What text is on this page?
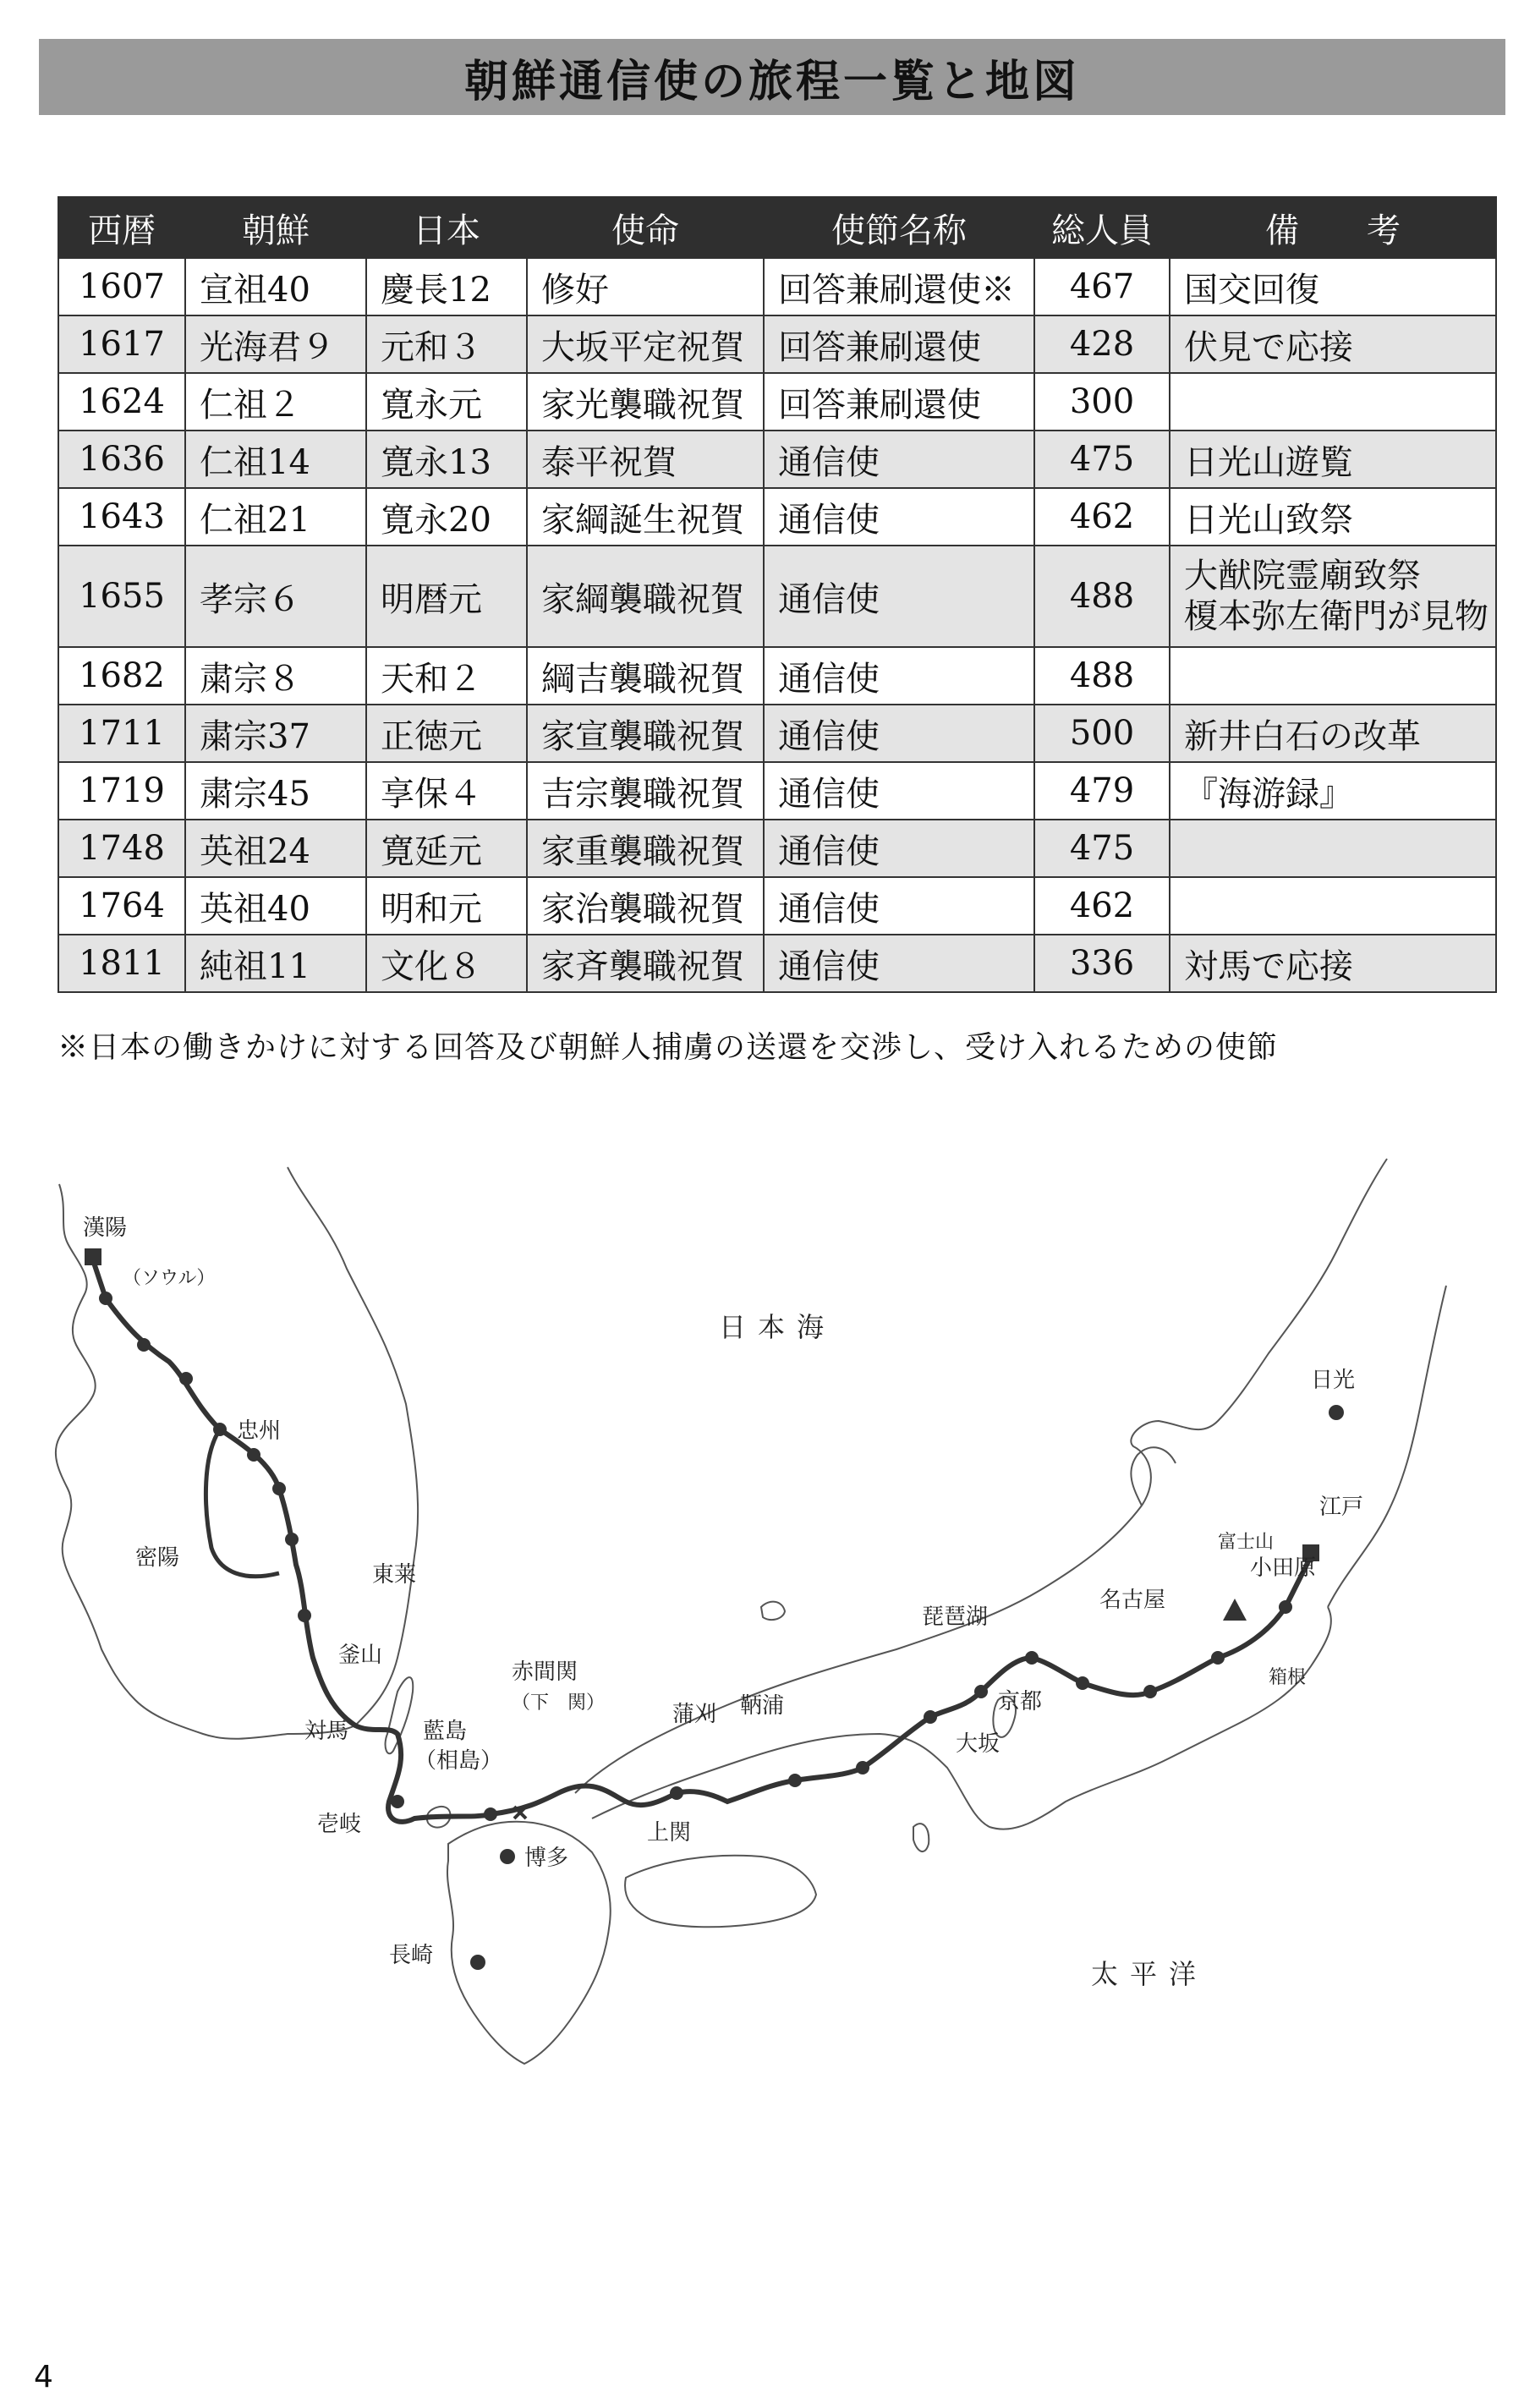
朝鮮通信使の旅程一覧と地図
西暦	朝鮮	日本	使命	使節名称	総人員	備　　考
1607	宣祖40	慶長12	修好	回答兼刷還使※	467	国交回復
1617	光海君９	元和３	大坂平定祝賀	回答兼刷還使	428	伏見で応接
1624	仁祖２	寛永元	家光襲職祝賀	回答兼刷還使	300	
1636	仁祖14	寛永13	泰平祝賀	通信使	475	日光山遊覧
1643	仁祖21	寛永20	家綱誕生祝賀	通信使	462	日光山致祭
1655	孝宗６	明暦元	家綱襲職祝賀	通信使	488	大猷院霊廟致祭
榎本弥左衛門が見物

1682	粛宗８	天和２	綱吉襲職祝賀	通信使	488	
1711	粛宗37	正徳元	家宣襲職祝賀	通信使	500	新井白石の改革
1719	粛宗45	享保４	吉宗襲職祝賀	通信使	479	『海游録』
1748	英祖24	寛延元	家重襲職祝賀	通信使	475	
1764	英祖40	明和元	家治襲職祝賀	通信使	462	
1811	純祖11	文化８	家斉襲職祝賀	通信使	336	対馬で応接
※日本の働きかけに対する回答及び朝鮮人捕虜の送還を交渉し、受け入れるための使節
漢陽
（ソウル）
忠州
密陽
東莱
釜山
対馬	藍島
（相島）
壱岐
博多
長崎
赤間関
（下　関）	蒲刈 鞆浦
上関
琵琶湖
京都
大坂
名古屋
富士山
箱根
小田原
江戸
日光
日本海
太平洋
4
